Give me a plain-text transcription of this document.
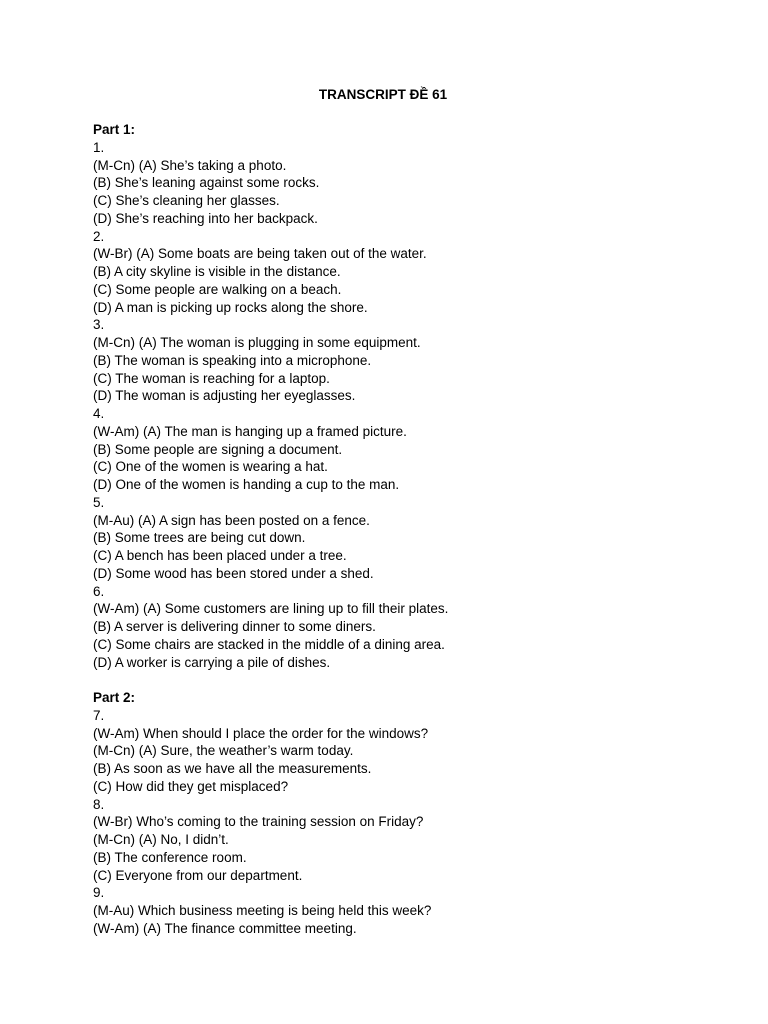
TRANSCRIPT ĐỀ 61

Part 1:

1.

(M-Cn) (A) She’s taking a photo.

(B) She’s leaning against some rocks.

(C) She’s cleaning her glasses.

(D) She’s reaching into her backpack.

2.

(W-Br) (A) Some boats are being taken out of the water.

(B) A city skyline is visible in the distance.

(C) Some people are walking on a beach.

(D) A man is picking up rocks along the shore.

3.

(M-Cn) (A) The woman is plugging in some equipment.

(B) The woman is speaking into a microphone.

(C) The woman is reaching for a laptop.

(D) The woman is adjusting her eyeglasses.

4.

(W-Am) (A) The man is hanging up a framed picture.

(B) Some people are signing a document.

(C) One of the women is wearing a hat.

(D) One of the women is handing a cup to the man.

5.

(M-Au) (A) A sign has been posted on a fence.

(B) Some trees are being cut down.

(C) A bench has been placed under a tree.

(D) Some wood has been stored under a shed.

6.

(W-Am) (A) Some customers are lining up to fill their plates.

(B) A server is delivering dinner to some diners.

(C) Some chairs are stacked in the middle of a dining area.

(D) A worker is carrying a pile of dishes.

Part 2:

7.

(W-Am) When should I place the order for the windows?

(M-Cn) (A) Sure, the weather’s warm today.

(B) As soon as we have all the measurements.

(C) How did they get misplaced?

8.

(W-Br) Who’s coming to the training session on Friday?

(M-Cn) (A) No, I didn’t.

(B) The conference room.

(C) Everyone from our department.

9.

(M-Au) Which business meeting is being held this week?

(W-Am) (A) The finance committee meeting.
